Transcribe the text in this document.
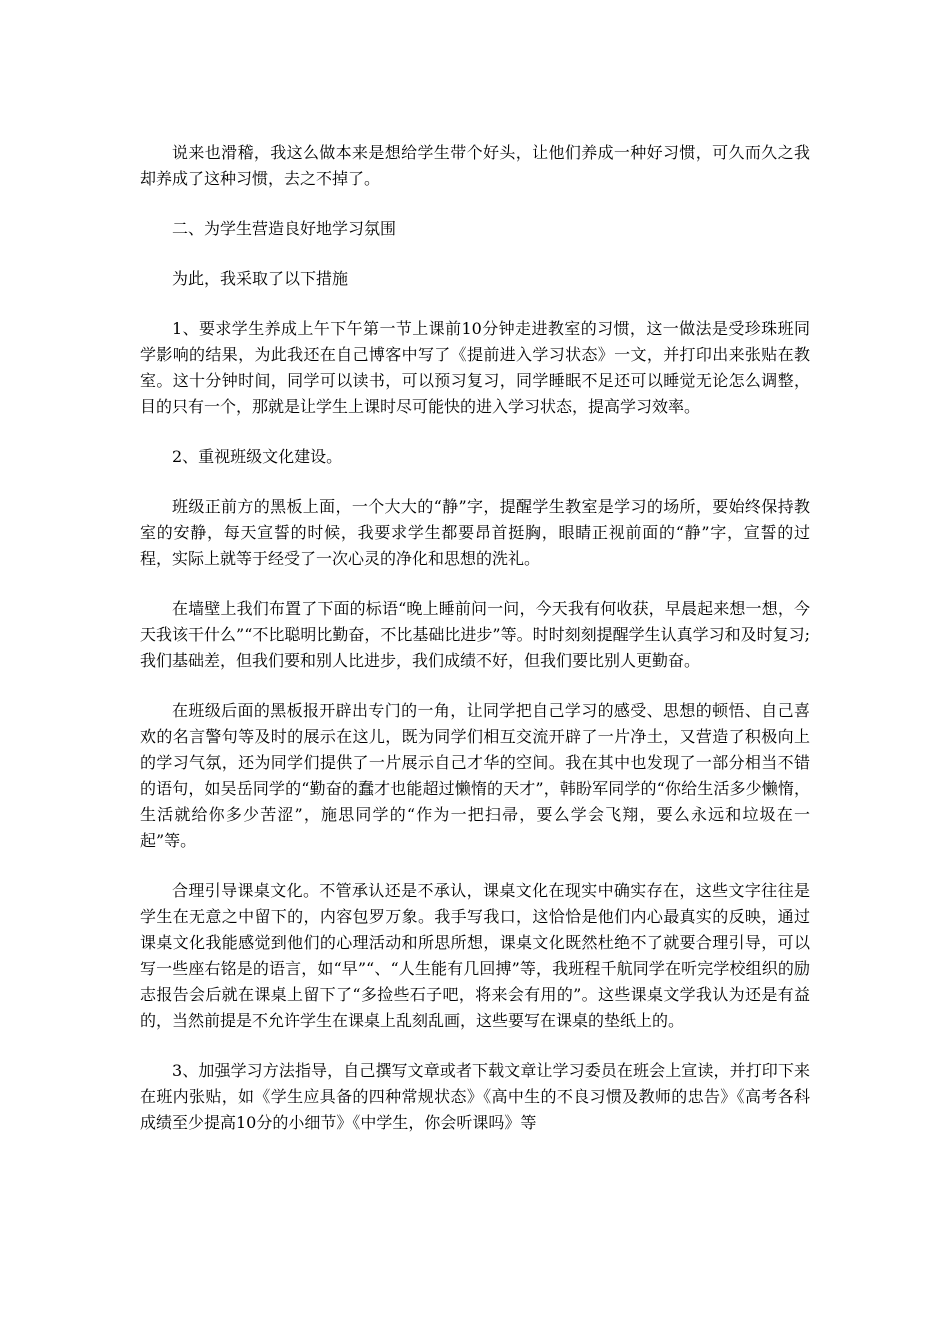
说来也滑稽，我这么做本来是想给学生带个好头，让他们养成一种好习惯，可久而久之我却养成了这种习惯，去之不掉了。

二、为学生营造良好地学习氛围

为此，我采取了以下措施

1、要求学生养成上午下午第一节上课前10分钟走进教室的习惯，这一做法是受珍珠班同学影响的结果，为此我还在自己博客中写了《提前进入学习状态》一文，并打印出来张贴在教室。这十分钟时间，同学可以读书，可以预习复习，同学睡眠不足还可以睡觉无论怎么调整，目的只有一个，那就是让学生上课时尽可能快的进入学习状态，提高学习效率。

2、重视班级文化建设。

班级正前方的黑板上面，一个大大的“静”字，提醒学生教室是学习的场所，要始终保持教室的安静，每天宣誓的时候，我要求学生都要昂首挺胸，眼睛正视前面的“静”字，宣誓的过程，实际上就等于经受了一次心灵的净化和思想的洗礼。

在墙壁上我们布置了下面的标语“晚上睡前问一问，今天我有何收获，早晨起来想一想，今天我该干什么”“不比聪明比勤奋，不比基础比进步”等。时时刻刻提醒学生认真学习和及时复习;我们基础差，但我们要和别人比进步，我们成绩不好，但我们要比别人更勤奋。

在班级后面的黑板报开辟出专门的一角，让同学把自己学习的感受、思想的顿悟、自己喜欢的名言警句等及时的展示在这儿，既为同学们相互交流开辟了一片净土，又营造了积极向上的学习气氛，还为同学们提供了一片展示自己才华的空间。我在其中也发现了一部分相当不错的语句，如吴岳同学的“勤奋的蠢才也能超过懒惰的天才”，韩盼军同学的“你给生活多少懒惰，生活就给你多少苦涩”，施思同学的“作为一把扫帚，要么学会飞翔，要么永远和垃圾在一起”等。

合理引导课桌文化。不管承认还是不承认，课桌文化在现实中确实存在，这些文字往往是学生在无意之中留下的，内容包罗万象。我手写我口，这恰恰是他们内心最真实的反映，通过课桌文化我能感觉到他们的心理活动和所思所想，课桌文化既然杜绝不了就要合理引导，可以写一些座右铭是的语言，如“早”“、“人生能有几回搏”等，我班程千航同学在听完学校组织的励志报告会后就在课桌上留下了“多捡些石子吧，将来会有用的”。这些课桌文学我认为还是有益的，当然前提是不允许学生在课桌上乱刻乱画，这些要写在课桌的垫纸上的。

3、加强学习方法指导，自己撰写文章或者下载文章让学习委员在班会上宣读，并打印下来在班内张贴，如《学生应具备的四种常规状态》《高中生的不良习惯及教师的忠告》《高考各科成绩至少提高10分的小细节》《中学生，你会听课吗》等
